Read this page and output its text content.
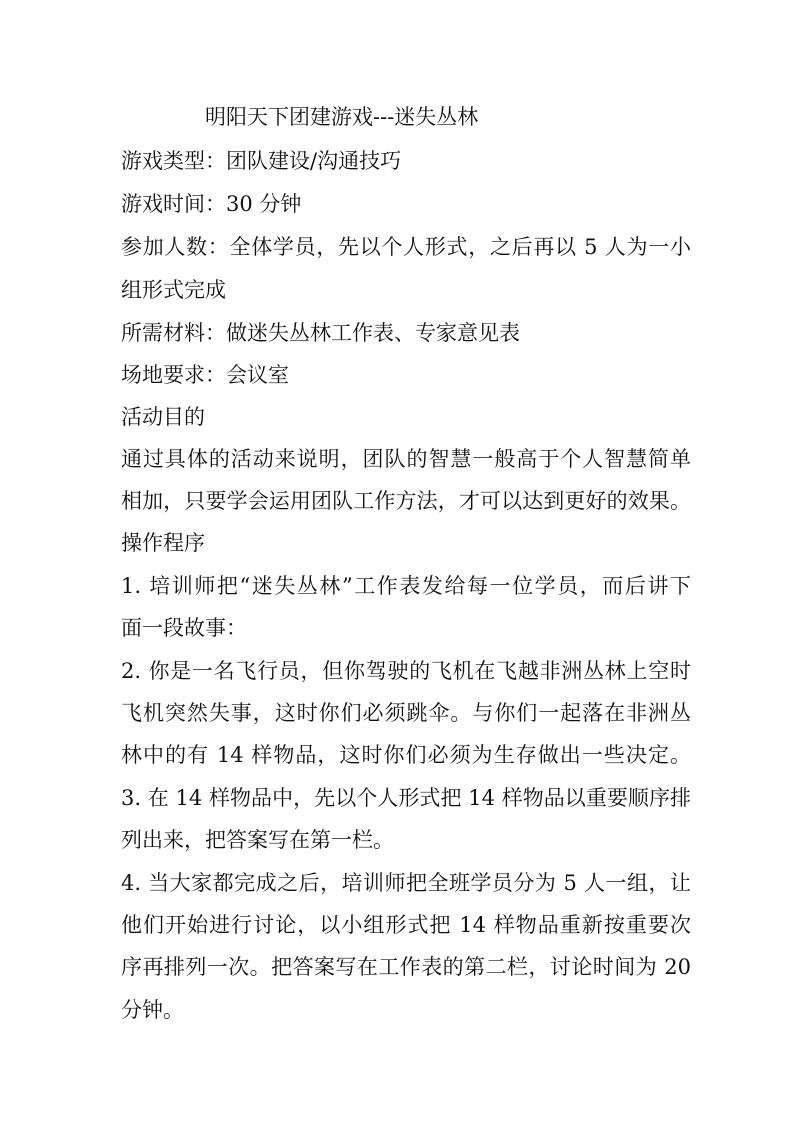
明阳天下团建游戏---迷失丛林
游戏类型：团队建设/沟通技巧
游戏时间：30 分钟
参加人数：全体学员，先以个人形式，之后再以 5 人为一小
组形式完成
所需材料：做迷失丛林工作表、专家意见表
场地要求：会议室
活动目的
通过具体的活动来说明，团队的智慧一般高于个人智慧简单
相加，只要学会运用团队工作方法，才可以达到更好的效果。
操作程序
1. 培训师把“迷失丛林”工作表发给每一位学员，而后讲下
面一段故事：
2. 你是一名飞行员，但你驾驶的飞机在飞越非洲丛林上空时
飞机突然失事，这时你们必须跳伞。与你们一起落在非洲丛
林中的有 14 样物品，这时你们必须为生存做出一些决定。
3. 在 14 样物品中，先以个人形式把 14 样物品以重要顺序排
列出来，把答案写在第一栏。
4. 当大家都完成之后，培训师把全班学员分为 5 人一组，让
他们开始进行讨论，以小组形式把 14 样物品重新按重要次
序再排列一次。把答案写在工作表的第二栏，讨论时间为 20
分钟。
